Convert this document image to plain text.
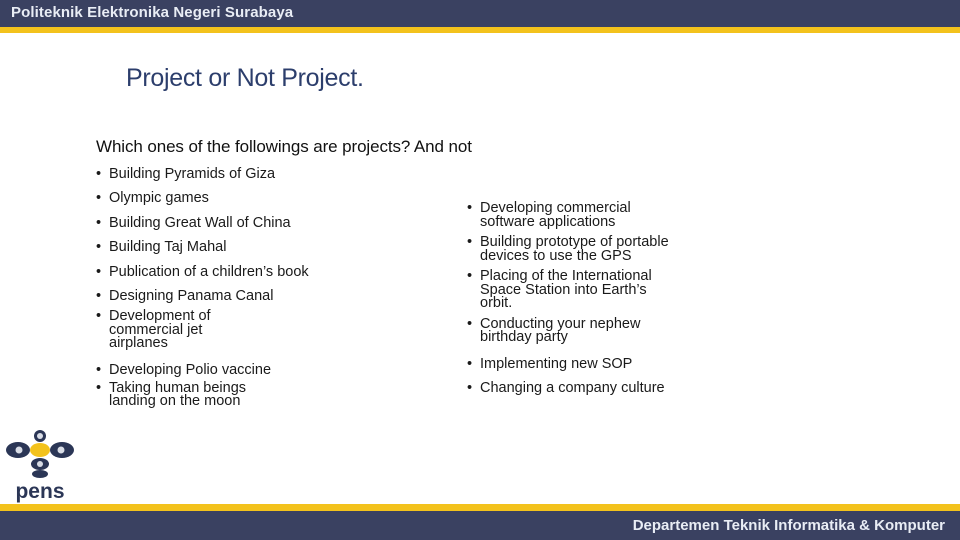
Politeknik Elektronika Negeri Surabaya
Project or Not Project.
Which ones of the followings are projects? And not
• Building Pyramids of Giza
• Olympic games
• Building Great Wall of China
• Building Taj Mahal
• Publication of a children’s book
• Designing Panama Canal
• Development of commercial jet airplanes
• Developing Polio vaccine
• Taking human beings landing on the moon
• Developing commercial software applications
• Building prototype of portable devices to use the GPS
• Placing of the International Space Station into Earth’s orbit.
• Conducting your nephew birthday party
• Implementing new SOP
• Changing a company culture
pens
Departemen Teknik Informatika & Komputer
